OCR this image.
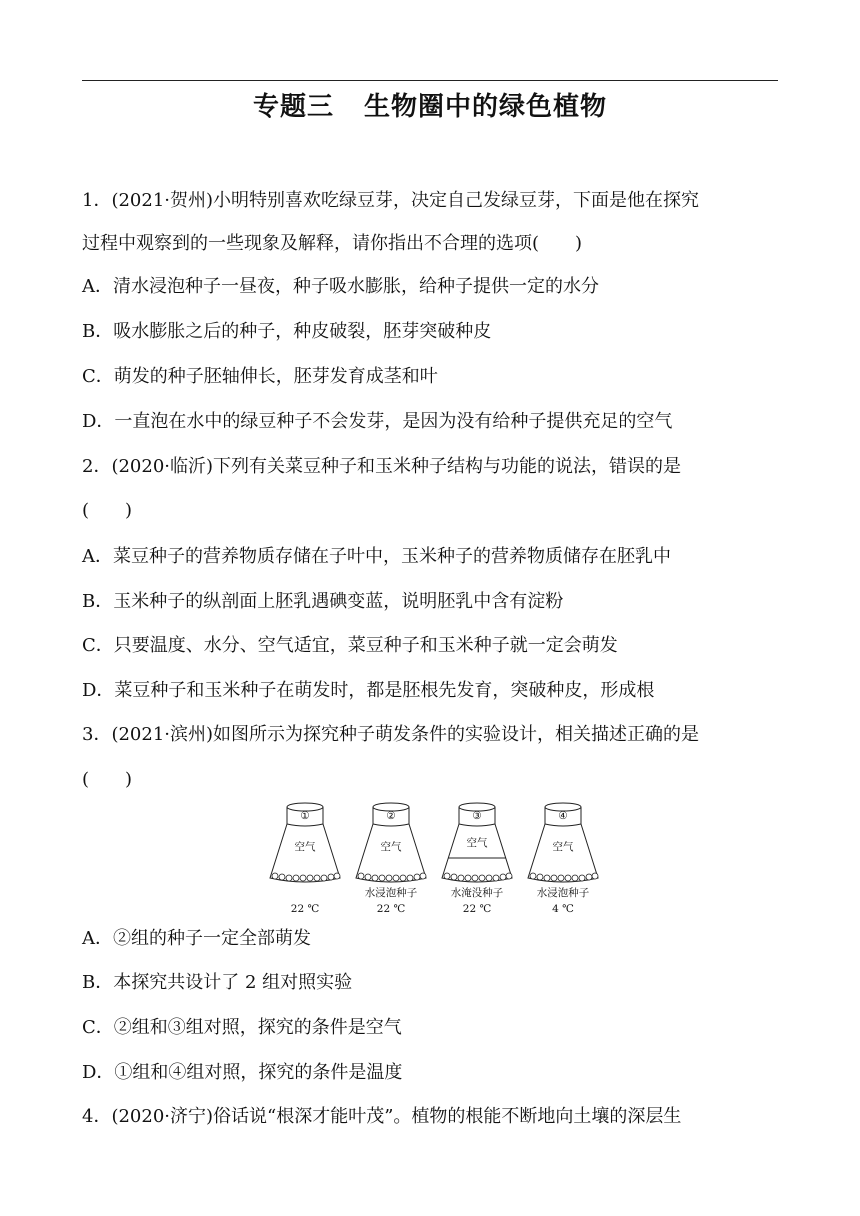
专题三 生物圈中的绿色植物
1．(2021·贺州)小明特别喜欢吃绿豆芽，决定自己发绿豆芽，下面是他在探究
过程中观察到的一些现象及解释，请你指出不合理的选项(　　)
A．清水浸泡种子一昼夜，种子吸水膨胀，给种子提供一定的水分
B．吸水膨胀之后的种子，种皮破裂，胚芽突破种皮
C．萌发的种子胚轴伸长，胚芽发育成茎和叶
D．一直泡在水中的绿豆种子不会发芽，是因为没有给种子提供充足的空气
2．(2020·临沂)下列有关菜豆种子和玉米种子结构与功能的说法，错误的是
(　　)
A．菜豆种子的营养物质存储在子叶中，玉米种子的营养物质储存在胚乳中
B．玉米种子的纵剖面上胚乳遇碘变蓝，说明胚乳中含有淀粉
C．只要温度、水分、空气适宜，菜豆种子和玉米种子就一定会萌发
D．菜豆种子和玉米种子在萌发时，都是胚根先发育，突破种皮，形成根
3．(2021·滨州)如图所示为探究种子萌发条件的实验设计，相关描述正确的是
(　　)
①
空气
22 ℃
②
空气
水浸泡种子
22 ℃
③
空气
水淹没种子
22 ℃
④
空气
水浸泡种子
4 ℃
A．②组的种子一定全部萌发
B．本探究共设计了 2 组对照实验
C．②组和③组对照，探究的条件是空气
D．①组和④组对照，探究的条件是温度
4．(2020·济宁)俗话说“根深才能叶茂”。植物的根能不断地向土壤的深层生
